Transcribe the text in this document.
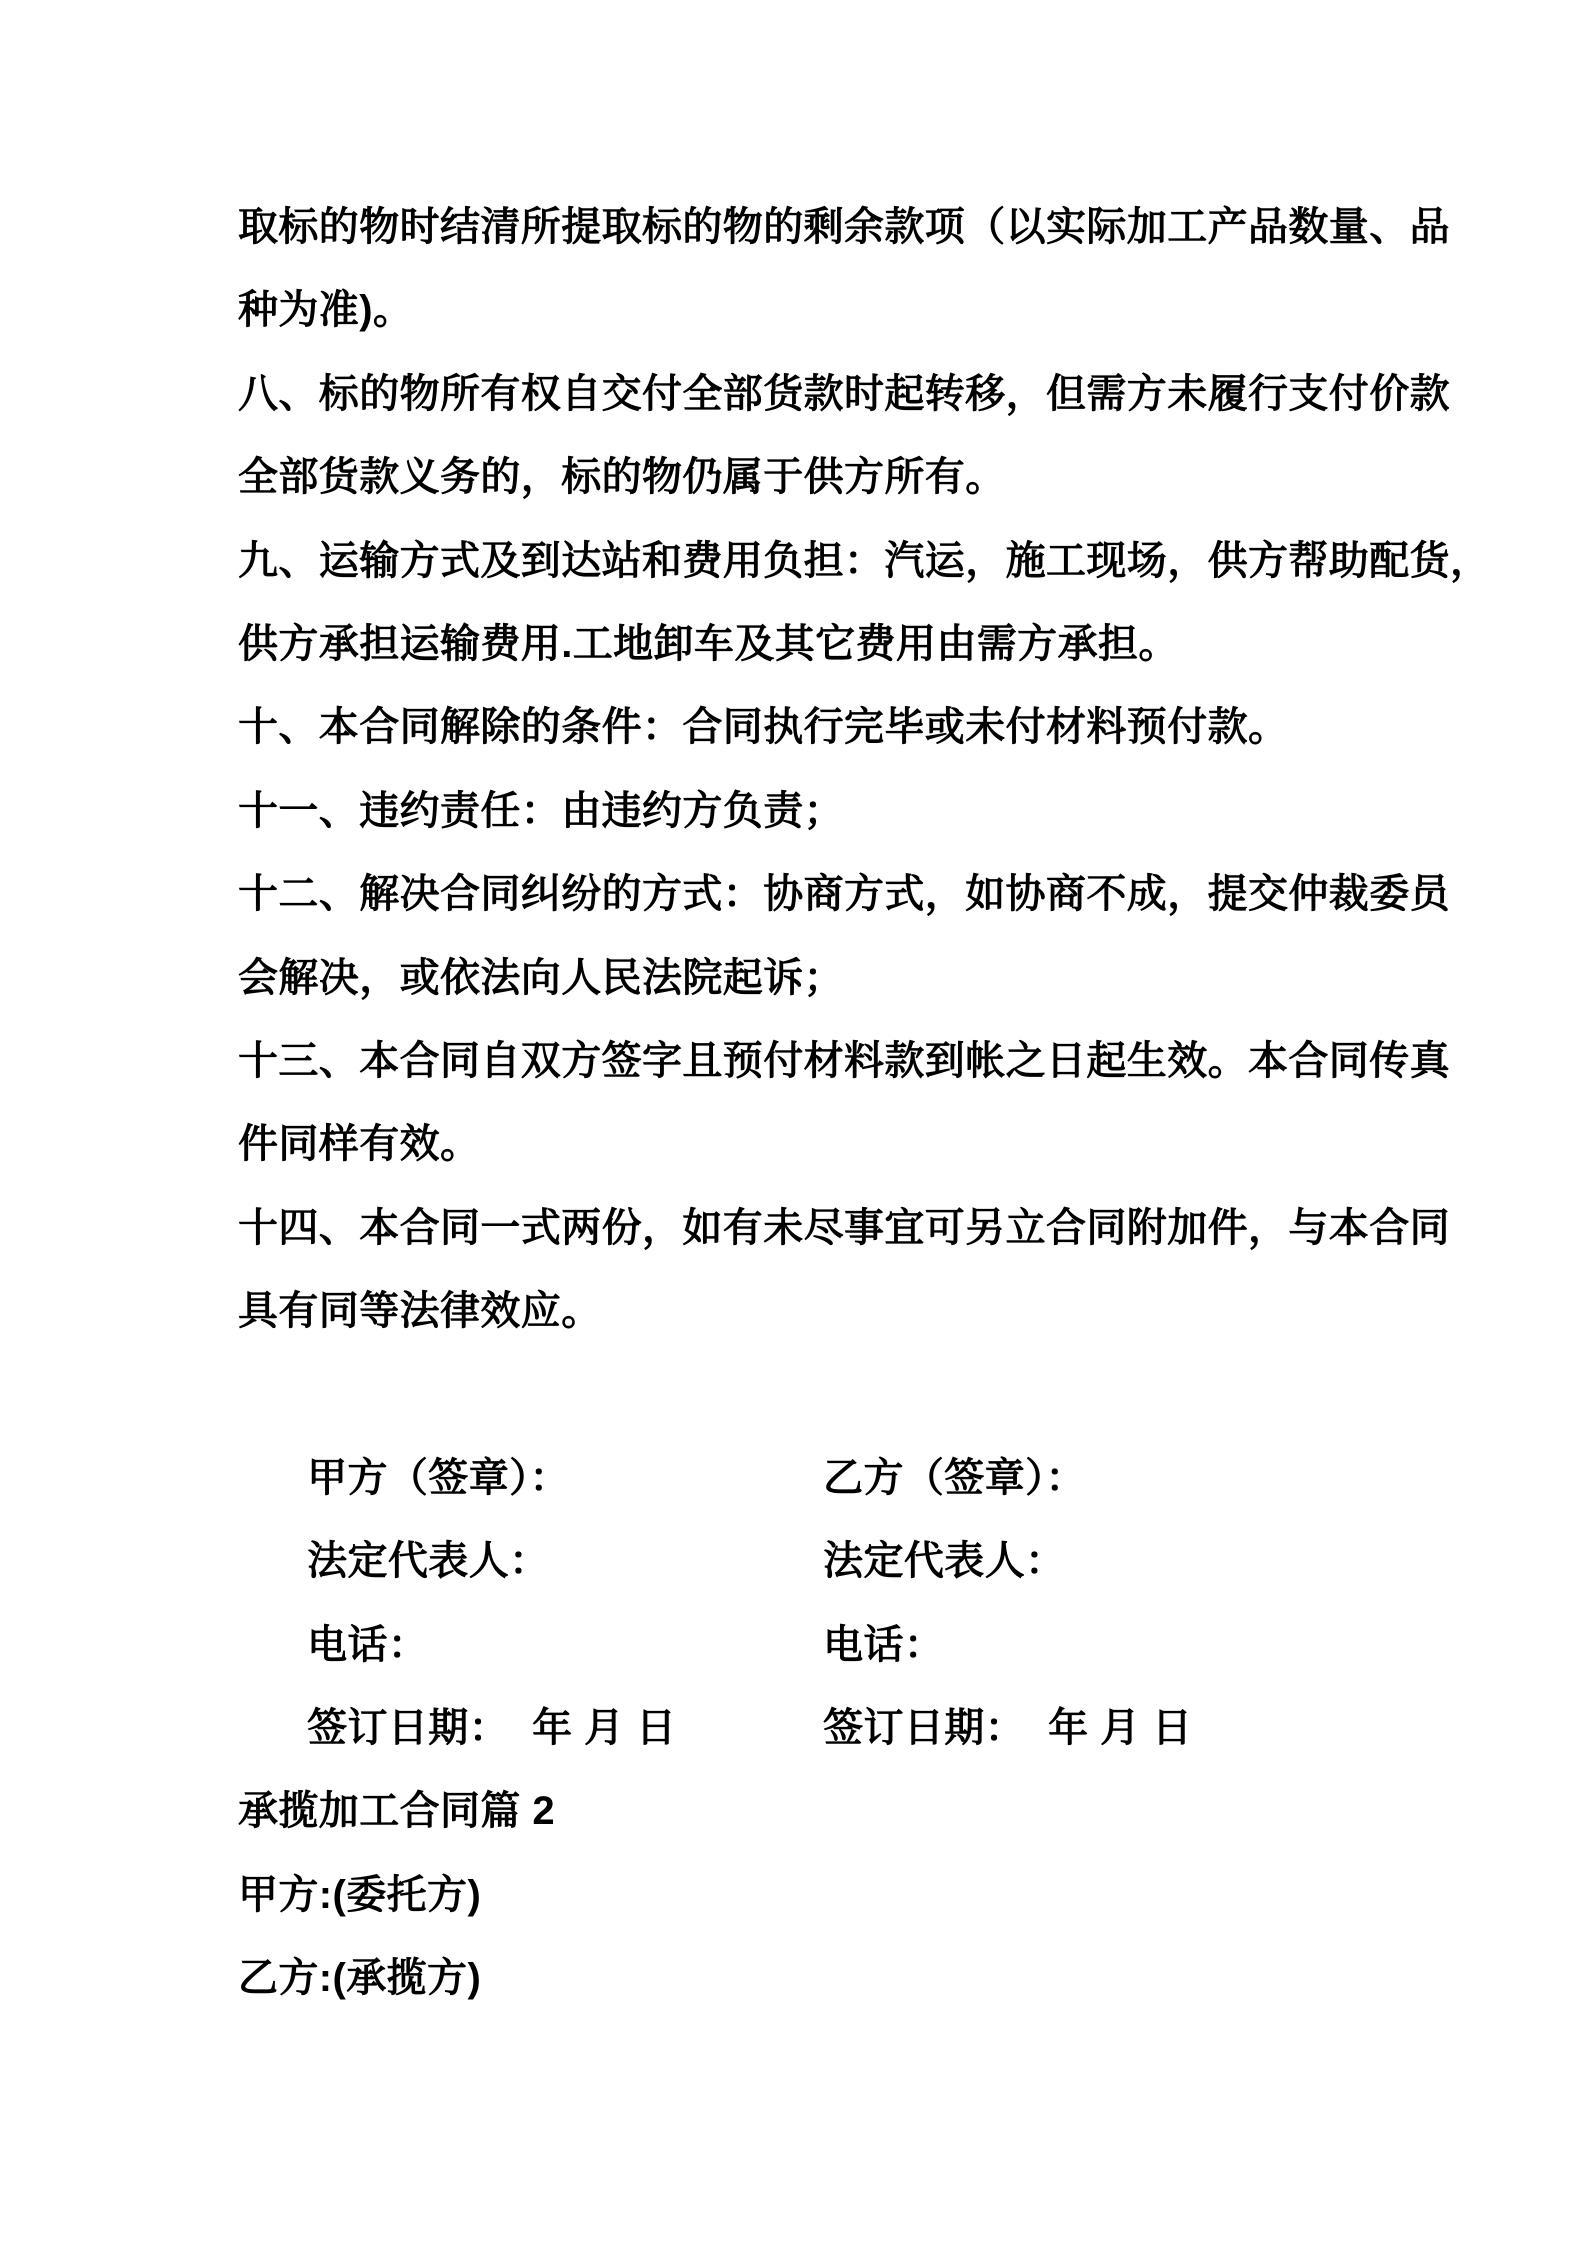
取标的物时结清所提取标的物的剩余款项（以实际加工产品数量、品
种为准)。
八、标的物所有权自交付全部货款时起转移，但需方未履行支付价款
全部货款义务的，标的物仍属于供方所有。
九、运输方式及到达站和费用负担：汽运，施工现场，供方帮助配货，
供方承担运输费用.工地卸车及其它费用由需方承担。
十、本合同解除的条件：合同执行完毕或未付材料预付款。
十一、违约责任：由违约方负责；
十二、解决合同纠纷的方式：协商方式，如协商不成，提交仲裁委员
会解决，或依法向人民法院起诉；
十三、本合同自双方签字且预付材料款到帐之日起生效。本合同传真
件同样有效。
十四、本合同一式两份，如有未尽事宜可另立合同附加件，与本合同
具有同等法律效应。

甲方（签章）：	乙方（签章）：

法定代表人：	法定代表人：

电话：	电话：

签订日期：  年 月 日	签订日期：  年 月 日

承揽加工合同篇 2
甲方:(委托方)
乙方:(承揽方)
